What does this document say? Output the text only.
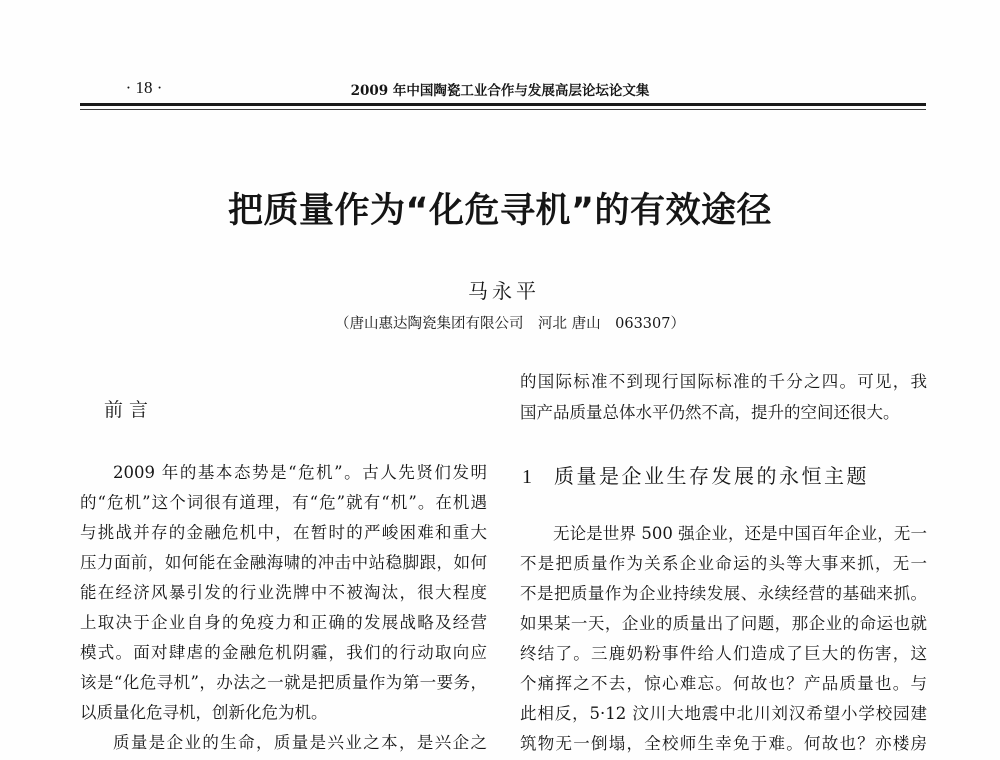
· 18 ·	2009 年中国陶瓷工业合作与发展高层论坛论文集
把质量作为“化危寻机”的有效途径
马永平
（唐山惠达陶瓷集团有限公司　河北 唐山　063307）
前言
2009 年的基本态势是“危机”。古人先贤们发明
的“危机”这个词很有道理，有“危”就有“机”。在机遇
与挑战并存的金融危机中，在暂时的严峻困难和重大
压力面前，如何能在金融海啸的冲击中站稳脚跟，如何
能在经济风暴引发的行业洗牌中不被淘汰，很大程度
上取决于企业自身的免疫力和正确的发展战略及经营
模式。面对肆虐的金融危机阴霾，我们的行动取向应
该是“化危寻机”，办法之一就是把质量作为第一要务，
以质量化危寻机，创新化危为机。
质量是企业的生命，质量是兴业之本，是兴企之
的国际标准不到现行国际标准的千分之四。可见，我
国产品质量总体水平仍然不高，提升的空间还很大。
1 质量是企业生存发展的永恒主题
无论是世界 500 强企业，还是中国百年企业，无一
不是把质量作为关系企业命运的头等大事来抓，无一
不是把质量作为企业持续发展、永续经营的基础来抓。
如果某一天，企业的质量出了问题，那企业的命运也就
终结了。三鹿奶粉事件给人们造成了巨大的伤害，这
个痛挥之不去，惊心难忘。何故也？产品质量也。与
此相反，5·12 汶川大地震中北川刘汉希望小学校园建
筑物无一倒塌，全校师生幸免于难。何故也？亦楼房
